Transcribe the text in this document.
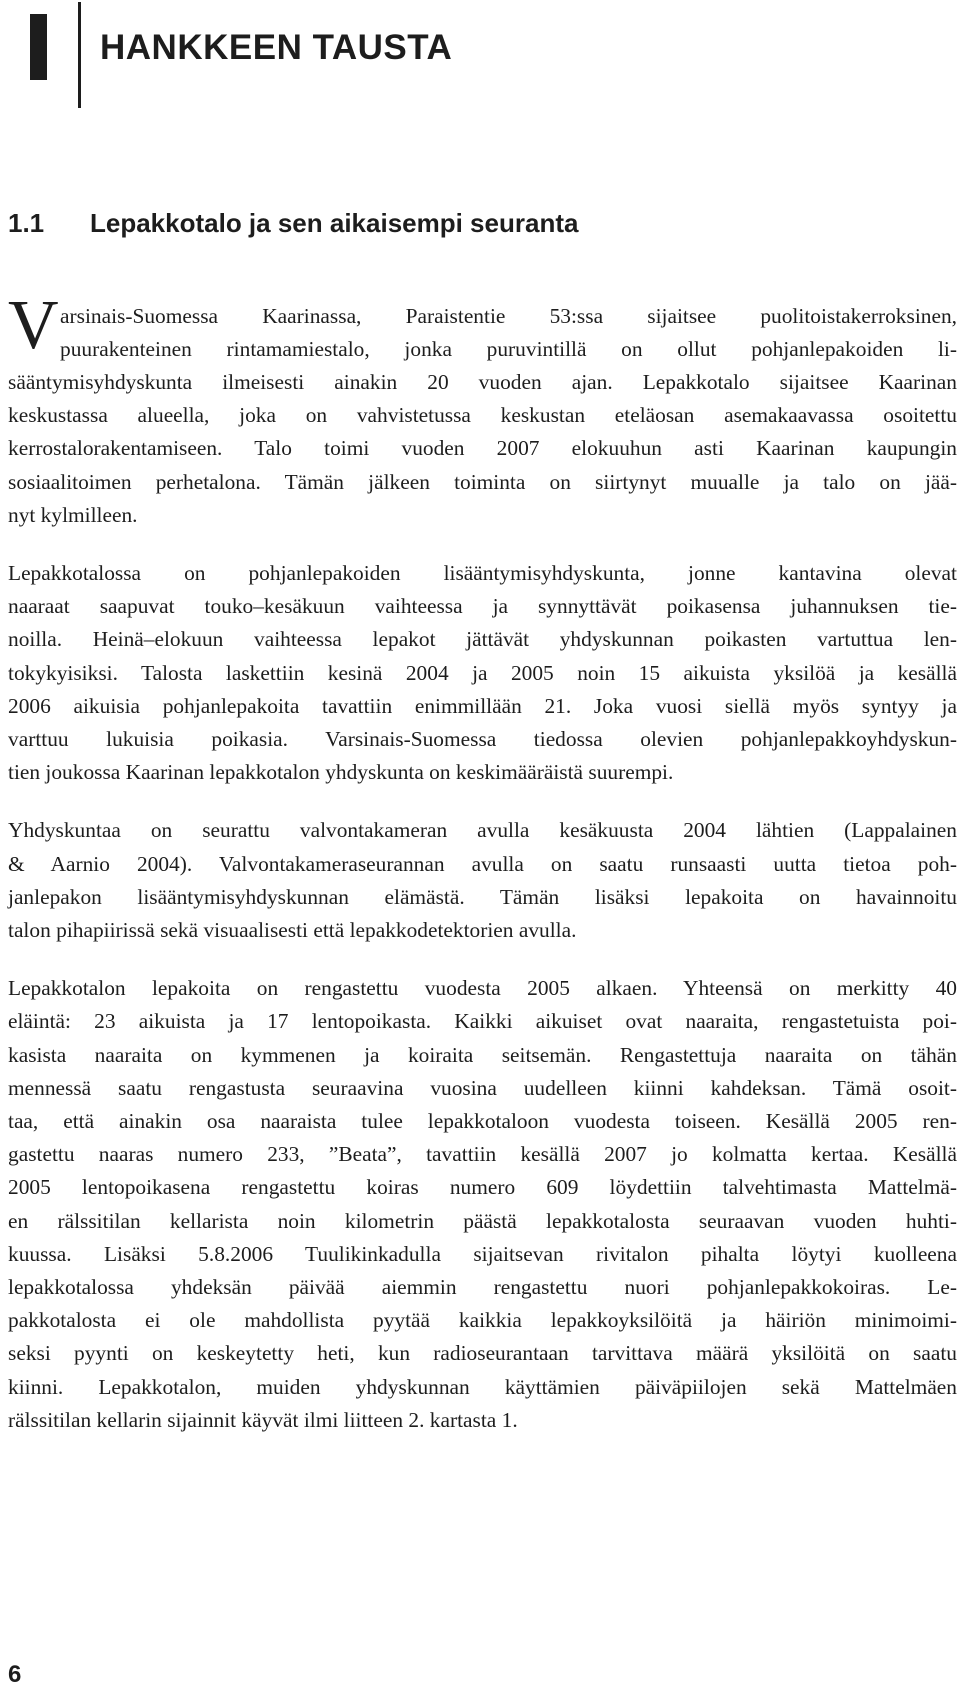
HANKKEEN TAUSTA
1.1 Lepakkotalo ja sen aikaisempi seuranta
V arsinais-Suomessa Kaarinassa, Paraistentie 53:ssa sijaitsee puolitoistakerroksinen,
puurakenteinen rintamamiestalo, jonka puruvintillä on ollut pohjanlepakoiden li-

sääntymisyhdyskunta ilmeisesti ainakin 20 vuoden ajan. Lepakkotalo sijaitsee Kaarinan
keskustassa alueella, joka on vahvistetussa keskustan eteläosan asemakaavassa osoitettu
kerrostalorakentamiseen. Talo toimi vuoden 2007 elokuuhun asti Kaarinan kaupungin
sosiaalitoimen perhetalona. Tämän jälkeen toiminta on siirtynyt muualle ja talo on jää-
nyt kylmilleen.

Lepakkotalossa on pohjanlepakoiden lisääntymisyhdyskunta, jonne kantavina olevat
naaraat saapuvat touko–kesäkuun vaihteessa ja synnyttävät poikasensa juhannuksen tie-
noilla. Heinä–elokuun vaihteessa lepakot jättävät yhdyskunnan poikasten vartuttua len-
tokykyisiksi. Talosta laskettiin kesinä 2004 ja 2005 noin 15 aikuista yksilöä ja kesällä
2006 aikuisia pohjanlepakoita tavattiin enimmillään 21. Joka vuosi siellä myös syntyy ja
varttuu lukuisia poikasia. Varsinais-Suomessa tiedossa olevien pohjanlepakkoyhdyskun-
tien joukossa Kaarinan lepakkotalon yhdyskunta on keskimääräistä suurempi.

Yhdyskuntaa on seurattu valvontakameran avulla kesäkuusta 2004 lähtien (Lappalainen
& Aarnio 2004). Valvontakameraseurannan avulla on saatu runsaasti uutta tietoa poh-
janlepakon lisääntymisyhdyskunnan elämästä. Tämän lisäksi lepakoita on havainnoitu
talon pihapiirissä sekä visuaalisesti että lepakkodetektorien avulla.

Lepakkotalon lepakoita on rengastettu vuodesta 2005 alkaen. Yhteensä on merkitty 40
eläintä: 23 aikuista ja 17 lentopoikasta. Kaikki aikuiset ovat naaraita, rengastetuista poi-
kasista naaraita on kymmenen ja koiraita seitsemän. Rengastettuja naaraita on tähän
mennessä saatu rengastusta seuraavina vuosina uudelleen kiinni kahdeksan. Tämä osoit-
taa, että ainakin osa naaraista tulee lepakkotaloon vuodesta toiseen. Kesällä 2005 ren-
gastettu naaras numero 233, ”Beata”, tavattiin kesällä 2007 jo kolmatta kertaa. Kesällä
2005 lentopoikasena rengastettu koiras numero 609 löydettiin talvehtimasta Mattelmä-
en rälssitilan kellarista noin kilometrin päästä lepakkotalosta seuraavan vuoden huhti-
kuussa. Lisäksi 5.8.2006 Tuulikinkadulla sijaitsevan rivitalon pihalta löytyi kuolleena
lepakkotalossa yhdeksän päivää aiemmin rengastettu nuori pohjanlepakkokoiras. Le-
pakkotalosta ei ole mahdollista pyytää kaikkia lepakkoyksilöitä ja häiriön minimoimi-
seksi pyynti on keskeytetty heti, kun radioseurantaan tarvittava määrä yksilöitä on saatu
kiinni. Lepakkotalon, muiden yhdyskunnan käyttämien päiväpiilojen sekä Mattelmäen
rälssitilan kellarin sijainnit käyvät ilmi liitteen 2. kartasta 1.

6
